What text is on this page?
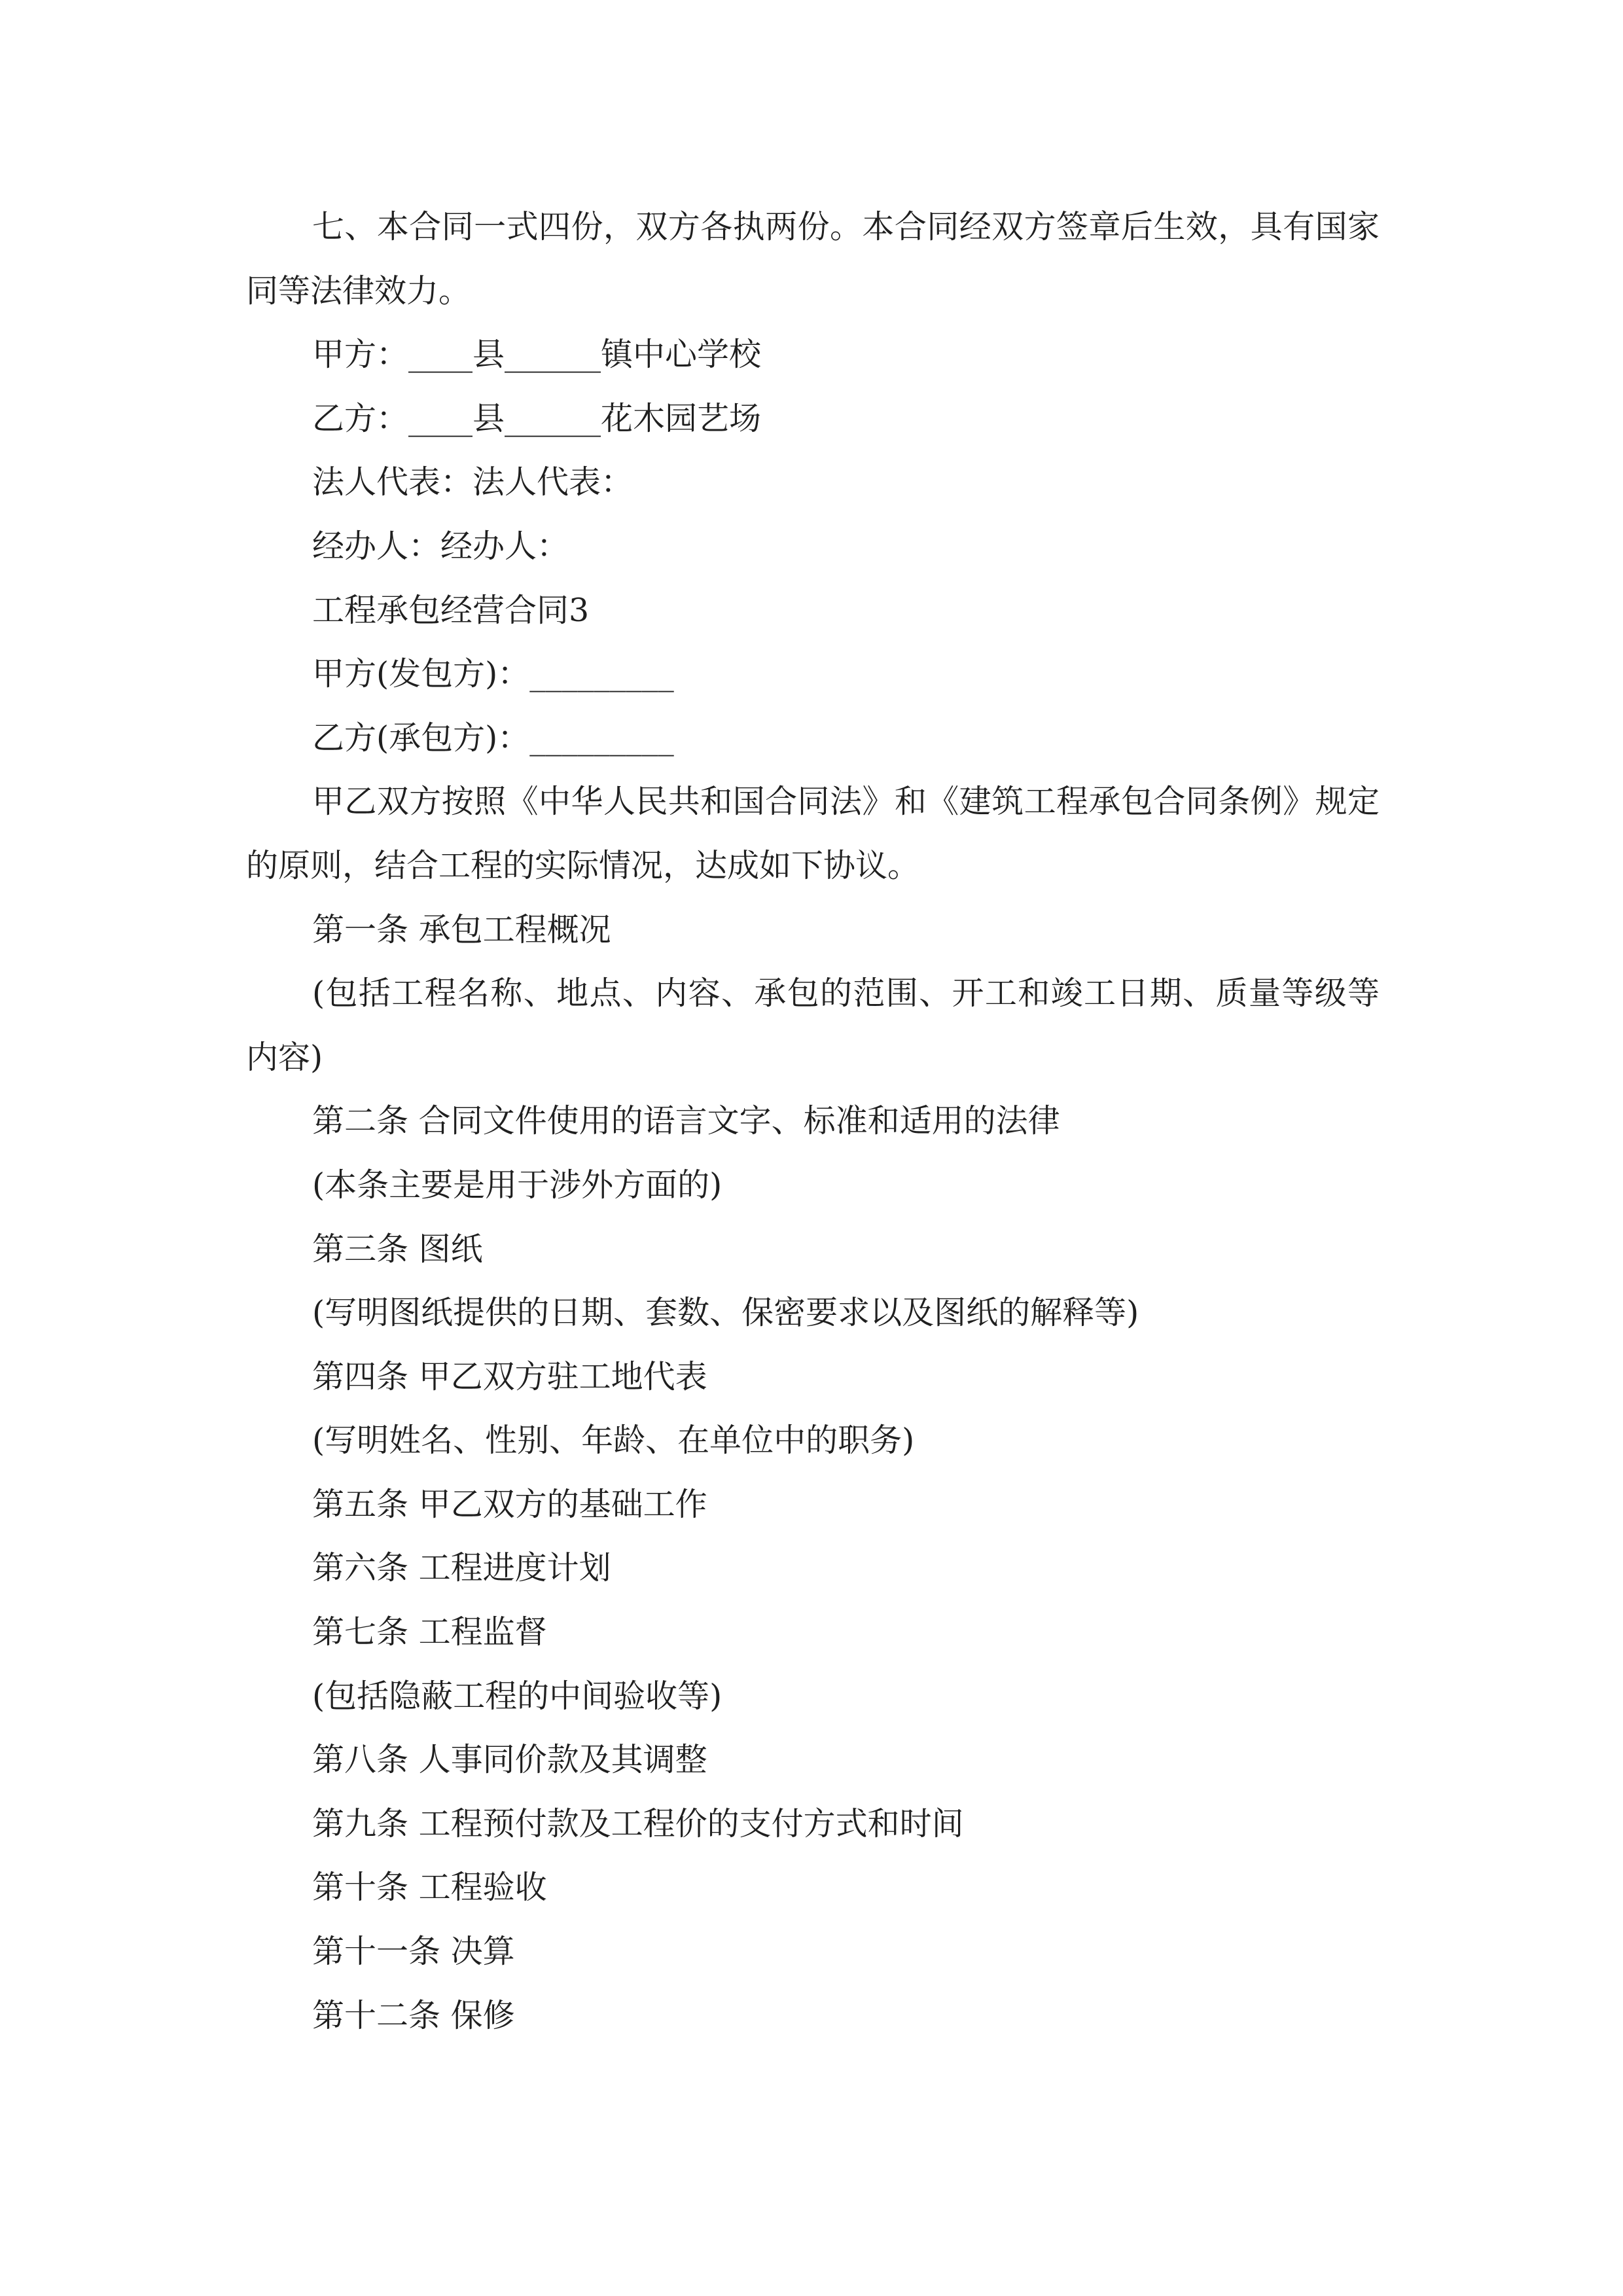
七、本合同一式四份，双方各执两份。本合同经双方签章后生效，具有国家
同等法律效力。
甲方：____县______镇中心学校
乙方：____县______花木园艺场
法人代表：法人代表：
经办人：经办人：
工程承包经营合同3
甲方(发包方)：_________
乙方(承包方)：_________
甲乙双方按照《中华人民共和国合同法》和《建筑工程承包合同条例》规定
的原则，结合工程的实际情况，达成如下协议。
第一条 承包工程概况
(包括工程名称、地点、内容、承包的范围、开工和竣工日期、质量等级等
内容)
第二条 合同文件使用的语言文字、标准和适用的法律
(本条主要是用于涉外方面的)
第三条 图纸
(写明图纸提供的日期、套数、保密要求以及图纸的解释等)
第四条 甲乙双方驻工地代表
(写明姓名、性别、年龄、在单位中的职务)
第五条 甲乙双方的基础工作
第六条 工程进度计划
第七条 工程监督
(包括隐蔽工程的中间验收等)
第八条 人事同价款及其调整
第九条 工程预付款及工程价的支付方式和时间
第十条 工程验收
第十一条 决算
第十二条 保修
